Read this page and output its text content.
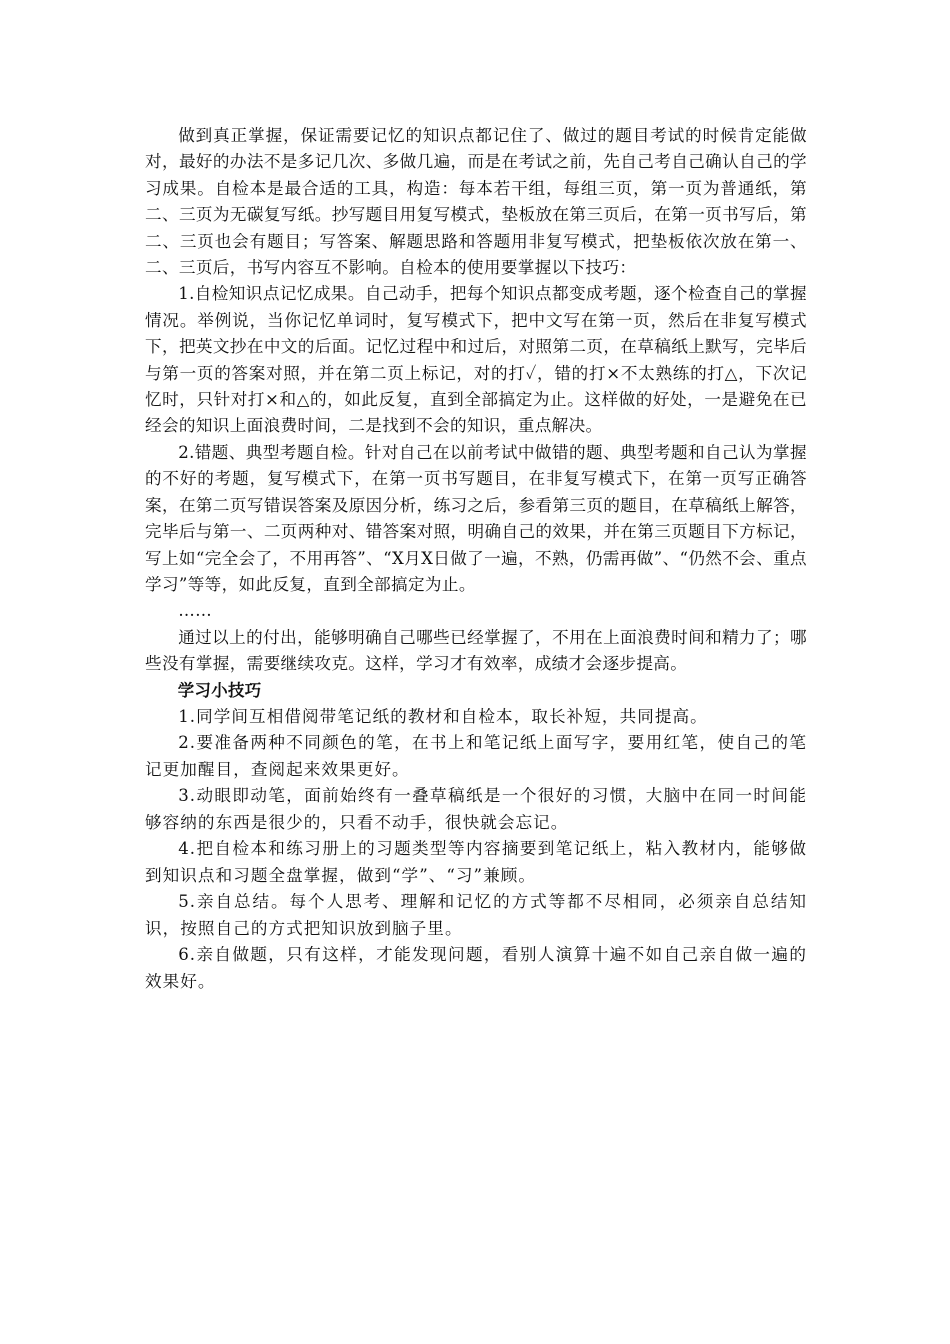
做到真正掌握，保证需要记忆的知识点都记住了、做过的题目考试的时候肯定能做对，最好的办法不是多记几次、多做几遍，而是在考试之前，先自己考自己确认自己的学习成果。自检本是最合适的工具，构造：每本若干组，每组三页，第一页为普通纸，第二、三页为无碳复写纸。抄写题目用复写模式，垫板放在第三页后，在第一页书写后，第二、三页也会有题目；写答案、解题思路和答题用非复写模式，把垫板依次放在第一、二、三页后，书写内容互不影响。自检本的使用要掌握以下技巧：

1.自检知识点记忆成果。自己动手，把每个知识点都变成考题，逐个检查自己的掌握情况。举例说，当你记忆单词时，复写模式下，把中文写在第一页，然后在非复写模式下，把英文抄在中文的后面。记忆过程中和过后，对照第二页，在草稿纸上默写，完毕后与第一页的答案对照，并在第二页上标记，对的打✓，错的打×不太熟练的打△，下次记忆时，只针对打×和△的，如此反复，直到全部搞定为止。这样做的好处，一是避免在已经会的知识上面浪费时间，二是找到不会的知识，重点解决。

2.错题、典型考题自检。针对自己在以前考试中做错的题、典型考题和自己认为掌握的不好的考题，复写模式下，在第一页书写题目，在非复写模式下，在第一页写正确答案，在第二页写错误答案及原因分析，练习之后，参看第三页的题目，在草稿纸上解答，完毕后与第一、二页两种对、错答案对照，明确自己的效果，并在第三页题目下方标记，写上如“完全会了，不用再答”、“X月X日做了一遍，不熟，仍需再做”、“仍然不会、重点学习”等等，如此反复，直到全部搞定为止。

……

通过以上的付出，能够明确自己哪些已经掌握了，不用在上面浪费时间和精力了；哪些没有掌握，需要继续攻克。这样，学习才有效率，成绩才会逐步提高。

学习小技巧

1.同学间互相借阅带笔记纸的教材和自检本，取长补短，共同提高。

2.要准备两种不同颜色的笔，在书上和笔记纸上面写字，要用红笔，使自己的笔记更加醒目，查阅起来效果更好。

3.动眼即动笔，面前始终有一叠草稿纸是一个很好的习惯，大脑中在同一时间能够容纳的东西是很少的，只看不动手，很快就会忘记。

4.把自检本和练习册上的习题类型等内容摘要到笔记纸上，粘入教材内，能够做到知识点和习题全盘掌握，做到“学”、“习”兼顾。

5.亲自总结。每个人思考、理解和记忆的方式等都不尽相同，必须亲自总结知识，按照自己的方式把知识放到脑子里。

6.亲自做题，只有这样，才能发现问题，看别人演算十遍不如自己亲自做一遍的效果好。
